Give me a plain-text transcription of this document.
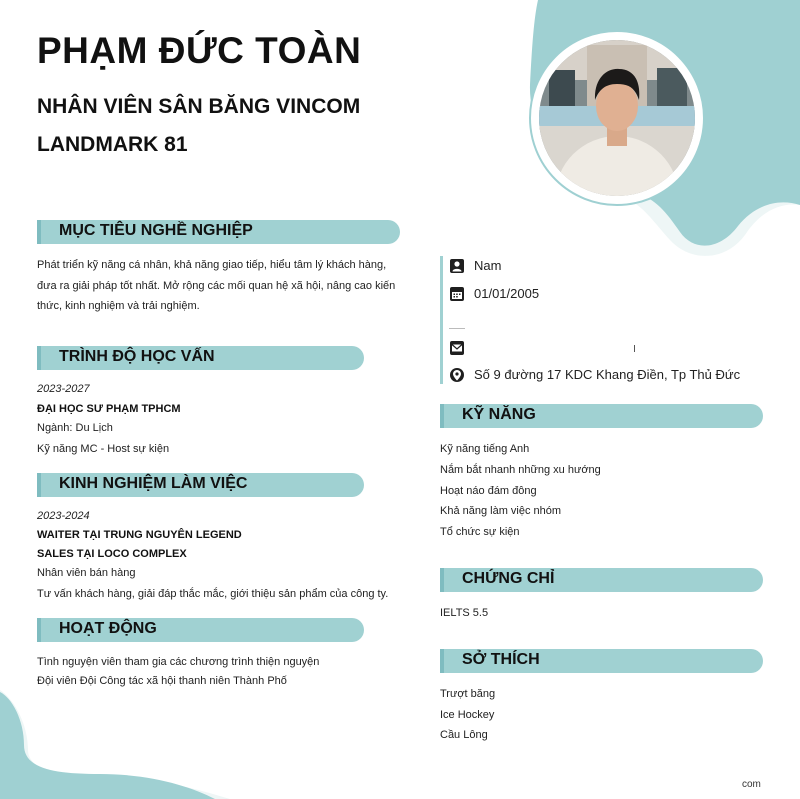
PHẠM ĐỨC TOÀN
NHÂN VIÊN SÂN BĂNG VINCOM
LANDMARK 81
MỤC TIÊU NGHỀ NGHIỆP
Phát triển kỹ năng cá nhân, khả năng giao tiếp, hiểu tâm lý khách hàng,
đưa ra giải pháp tốt nhất. Mở rộng các mối quan hệ xã hội, nâng cao kiến
thức, kinh nghiệm và trải nghiệm.
TRÌNH ĐỘ HỌC VẤN
2023-2027
ĐẠI HỌC SƯ PHẠM TPHCM
Ngành: Du Lịch
Kỹ năng MC - Host sự kiện
KINH NGHIỆM LÀM VIỆC
2023-2024
WAITER TẠI TRUNG NGUYÊN LEGEND
SALES TẠI LOCO COMPLEX
Nhân viên bán hàng
Tư vấn khách hàng, giải đáp thắc mắc, giới thiệu sản phẩm của công ty.
HOẠT ĐỘNG
Tình nguyện viên tham gia các chương trình thiện nguyện
Đội viên Đội Công tác xã hội thanh niên Thành Phố
Nam
01/01/2005
Số 9 đường 17 KDC Khang Điền, Tp Thủ Đức
KỸ NĂNG
Kỹ năng tiếng Anh
Nắm bắt nhanh những xu hướng
Hoạt náo đám đông
Khả năng làm việc nhóm
Tổ chức sự kiện
CHỨNG CHỈ
IELTS 5.5
SỞ THÍCH
Trượt băng
Ice Hockey
Cầu Lông
com
